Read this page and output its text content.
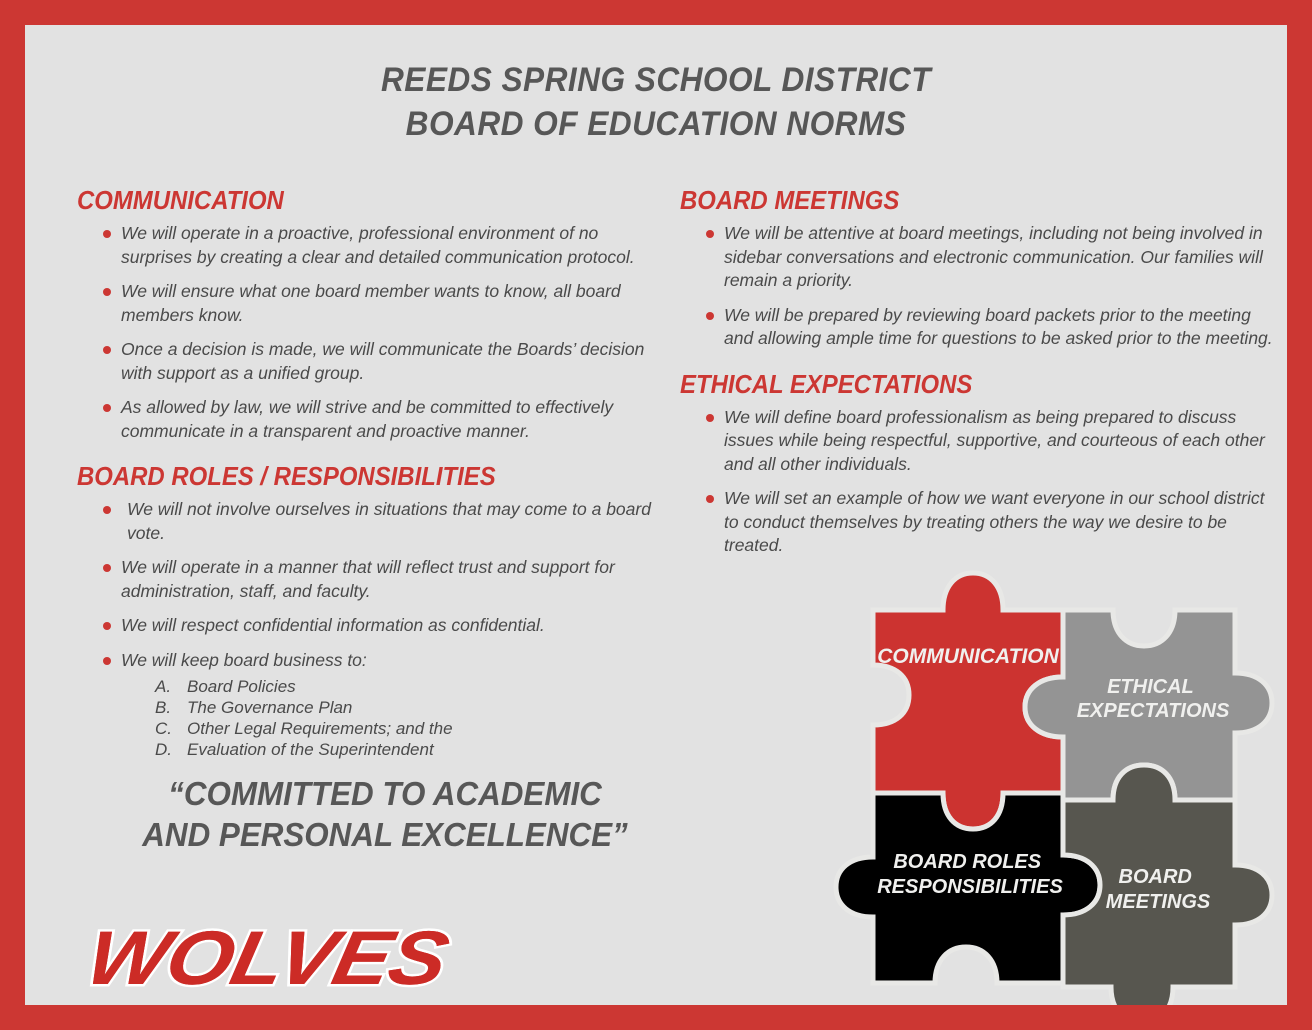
REEDS SPRING SCHOOL DISTRICT
BOARD OF EDUCATION NORMS
COMMUNICATION
We will operate in a proactive, professional environment of no surprises by creating a clear and detailed communication protocol.
We will ensure what one board member wants to know, all board members know.
Once a decision is made, we will communicate the Boards’ decision with support as a unified group.
As allowed by law, we will strive and be committed to effectively communicate in a transparent and proactive manner.
BOARD ROLES / RESPONSIBILITIES
We will not involve ourselves in situations that may come to a board vote.
We will operate in a manner that will reflect trust and support for administration, staff, and faculty.
We will respect confidential information as confidential.
We will keep board business to:
Board Policies
The Governance Plan
Other Legal Requirements; and the
Evaluation of the Superintendent
BOARD MEETINGS
We will be attentive at board meetings, including not being involved in sidebar conversations and electronic communication. Our families will remain a priority.
We will be prepared by reviewing board packets prior to the meeting and allowing ample time for questions to be asked prior to the meeting.
ETHICAL EXPECTATIONS
We will define board professionalism as being prepared to discuss issues while being respectful, supportive, and courteous of each other and all other individuals.
We will set an example of how we want everyone in our school district to conduct themselves by treating others the way we desire to be treated.
“COMMITTED TO ACADEMIC
AND PERSONAL EXCELLENCE”
WOLVES
COMMUNICATION
ETHICAL EXPECTATIONS
BOARD ROLES RESPONSIBILITIES	BOARD MEETINGS
